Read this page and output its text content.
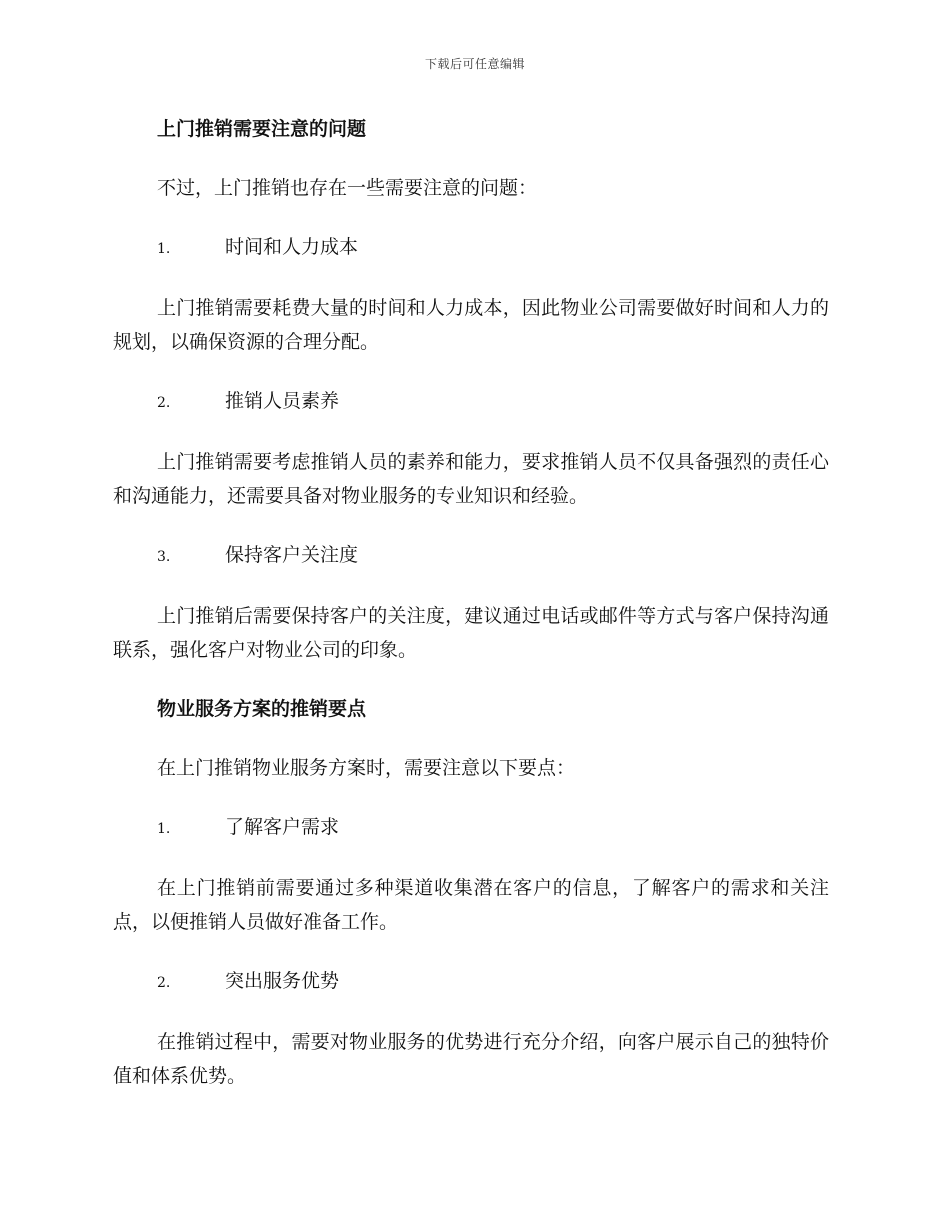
下载后可任意编辑
上门推销需要注意的问题
不过，上门推销也存在一些需要注意的问题：
1.	时间和人力成本
上门推销需要耗费大量的时间和人力成本，因此物业公司需要做好时间和人力的规划，以确保资源的合理分配。
2.	推销人员素养
上门推销需要考虑推销人员的素养和能力，要求推销人员不仅具备强烈的责任心和沟通能力，还需要具备对物业服务的专业知识和经验。
3.	保持客户关注度
上门推销后需要保持客户的关注度，建议通过电话或邮件等方式与客户保持沟通联系，强化客户对物业公司的印象。
物业服务方案的推销要点
在上门推销物业服务方案时，需要注意以下要点：
1.	了解客户需求
在上门推销前需要通过多种渠道收集潜在客户的信息，了解客户的需求和关注点，以便推销人员做好准备工作。
2.	突出服务优势
在推销过程中，需要对物业服务的优势进行充分介绍，向客户展示自己的独特价值和体系优势。
